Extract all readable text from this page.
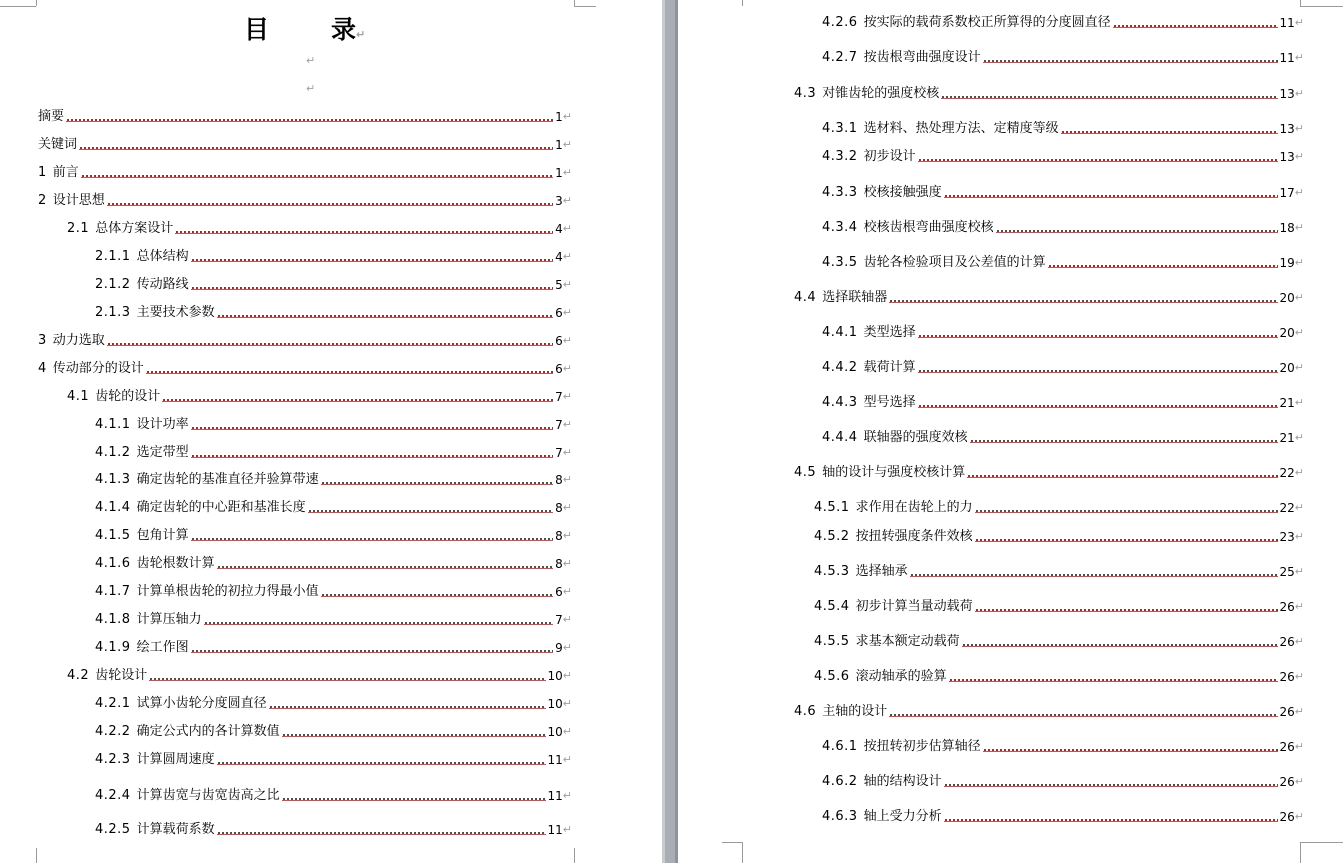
目 录↵
↵
↵
摘要	1 ↵
关键词	1 ↵
1 前言	1 ↵
2 设计思想	3 ↵
2.1 总体方案设计	4 ↵
2.1.1 总体结构	4 ↵
2.1.2 传动路线	5 ↵
2.1.3 主要技术参数	6 ↵
3 动力选取	6 ↵
4 传动部分的设计	6 ↵
4.1 齿轮的设计	7 ↵
4.1.1 设计功率	7 ↵
4.1.2 选定带型	7 ↵
4.1.3 确定齿轮的基准直径并验算带速	8 ↵
4.1.4 确定齿轮的中心距和基准长度	8 ↵
4.1.5 包角计算	8 ↵
4.1.6 齿轮根数计算	8 ↵
4.1.7 计算单根齿轮的初拉力得最小值	6 ↵
4.1.8 计算压轴力	7 ↵
4.1.9 绘工作图	9 ↵
4.2 齿轮设计	10 ↵
4.2.1 试算小齿轮分度圆直径	10 ↵
4.2.2 确定公式内的各计算数值	10 ↵
4.2.3 计算圆周速度	11 ↵
4.2.4 计算齿宽与齿宽齿高之比	11 ↵
4.2.5 计算载荷系数	11 ↵
4.2.6 按实际的载荷系数校正所算得的分度圆直径	11 ↵
4.2.7 按齿根弯曲强度设计	11 ↵
4.3 对锥齿轮的强度校核	13 ↵
4.3.1 选材料、热处理方法、定精度等级	13 ↵
4.3.2 初步设计	13 ↵
4.3.3 校核接触强度	17 ↵
4.3.4 校核齿根弯曲强度校核	18 ↵
4.3.5 齿轮各检验项目及公差值的计算	19 ↵
4.4 选择联轴器	20 ↵
4.4.1 类型选择	20 ↵
4.4.2 载荷计算	20 ↵
4.4.3 型号选择	21 ↵
4.4.4 联轴器的强度效核	21 ↵
4.5 轴的设计与强度校核计算	22 ↵
4.5.1 求作用在齿轮上的力	22 ↵
4.5.2 按扭转强度条件效核	23 ↵
4.5.3 选择轴承	25 ↵
4.5.4 初步计算当量动载荷	26 ↵
4.5.5 求基本额定动载荷	26 ↵
4.5.6 滚动轴承的验算	26 ↵
4.6 主轴的设计	26 ↵
4.6.1 按扭转初步估算轴径	26 ↵
4.6.2 轴的结构设计	26 ↵
4.6.3 轴上受力分析	26 ↵
